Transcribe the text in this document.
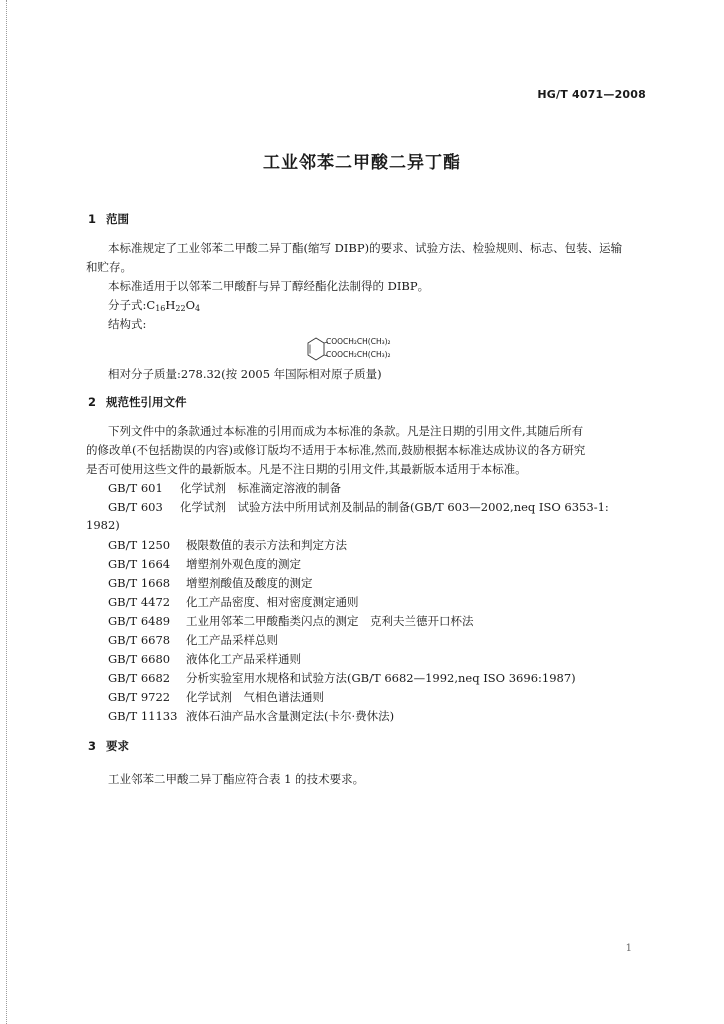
HG/T 4071—2008
工业邻苯二甲酸二异丁酯
1 范围
本标准规定了工业邻苯二甲酸二异丁酯(缩写 DIBP)的要求、试验方法、检验规则、标志、包装、运输
和贮存。
本标准适用于以邻苯二甲酸酐与异丁醇经酯化法制得的 DIBP。
分子式:C16H22O4
结构式:
COOCH₂CH(CH₃)₂
COOCH₂CH(CH₃)₂
相对分子质量:278.32(按 2005 年国际相对原子质量)
2 规范性引用文件
下列文件中的条款通过本标准的引用而成为本标准的条款。凡是注日期的引用文件,其随后所有
的修改单(不包括勘误的内容)或修订版均不适用于本标准,然而,鼓励根据本标准达成协议的各方研究
是否可使用这些文件的最新版本。凡是不注日期的引用文件,其最新版本适用于本标准。
GB/T 601 化学试剂　标准滴定溶液的制备
GB/T 603 化学试剂　试验方法中所用试剂及制品的制备(GB/T 603—2002,neq ISO 6353-1:
1982)
GB/T 1250 极限数值的表示方法和判定方法
GB/T 1664 增塑剂外观色度的测定
GB/T 1668 增塑剂酸值及酸度的测定
GB/T 4472 化工产品密度、相对密度测定通则
GB/T 6489 工业用邻苯二甲酸酯类闪点的测定　克利夫兰德开口杯法
GB/T 6678 化工产品采样总则
GB/T 6680 液体化工产品采样通则
GB/T 6682 分析实验室用水规格和试验方法(GB/T 6682—1992,neq ISO 3696:1987)
GB/T 9722 化学试剂　气相色谱法通则
GB/T 11133 液体石油产品水含量测定法(卡尔·费休法)
3 要求
工业邻苯二甲酸二异丁酯应符合表 1 的技术要求。
1
